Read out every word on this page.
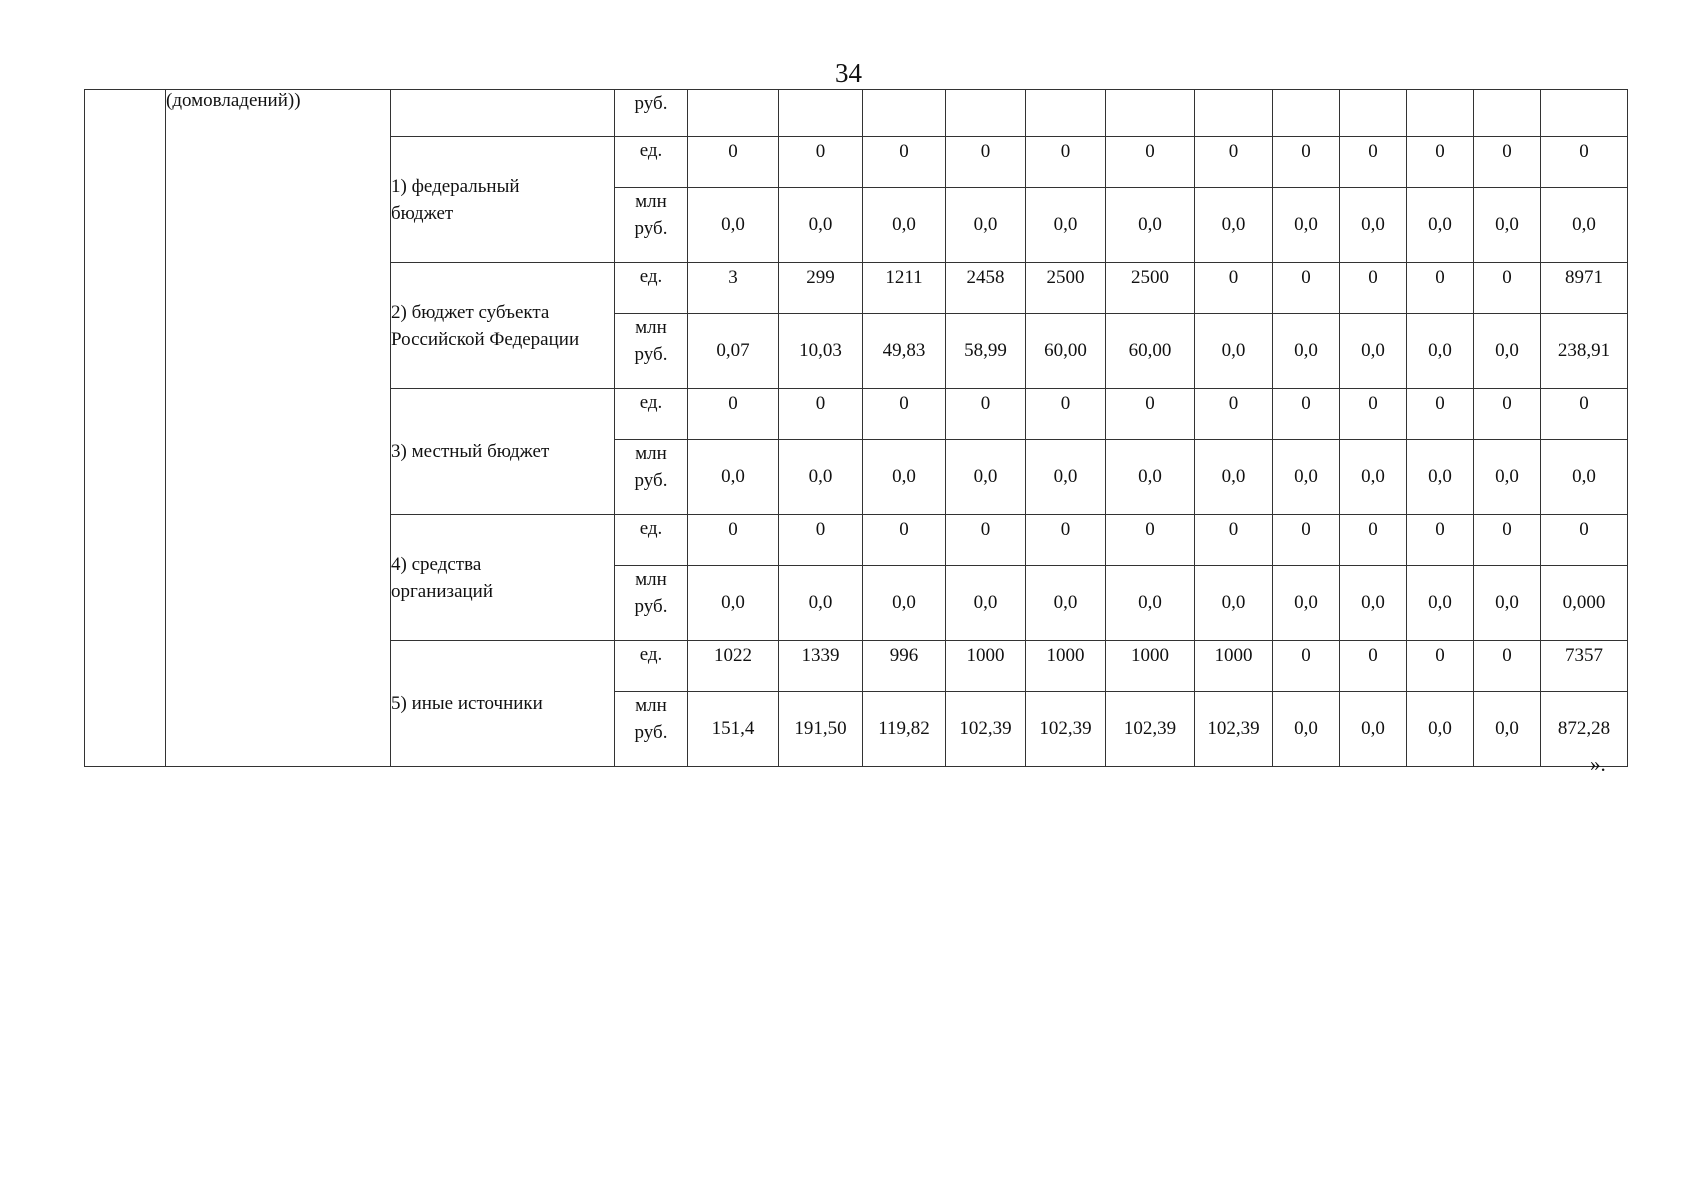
34
	(домовладений))		руб.												

		1) федеральный
бюджет	ед.	0	0	0	0	0	0	0	0	0	0	0	0

			млн
руб.	0,0	0,0	0,0	0,0	0,0	0,0	0,0	0,0	0,0	0,0	0,0	0,0

		2) бюджет субъекта
Российской Федерации	ед.	3	299	1211	2458	2500	2500	0	0	0	0	0	8971

			млн
руб.	0,07	10,03	49,83	58,99	60,00	60,00	0,0	0,0	0,0	0,0	0,0	238,91

		3) местный бюджет	ед.	0	0	0	0	0	0	0	0	0	0	0	0

			млн
руб.	0,0	0,0	0,0	0,0	0,0	0,0	0,0	0,0	0,0	0,0	0,0	0,0

		4) средства
организаций	ед.	0	0	0	0	0	0	0	0	0	0	0	0

			млн
руб.	0,0	0,0	0,0	0,0	0,0	0,0	0,0	0,0	0,0	0,0	0,0	0,000

		5) иные источники	ед.	1022	1339	996	1000	1000	1000	1000	0	0	0	0	7357

			млн
руб.	151,4	191,50	119,82	102,39	102,39	102,39	102,39	0,0	0,0	0,0	0,0	872,28
».
